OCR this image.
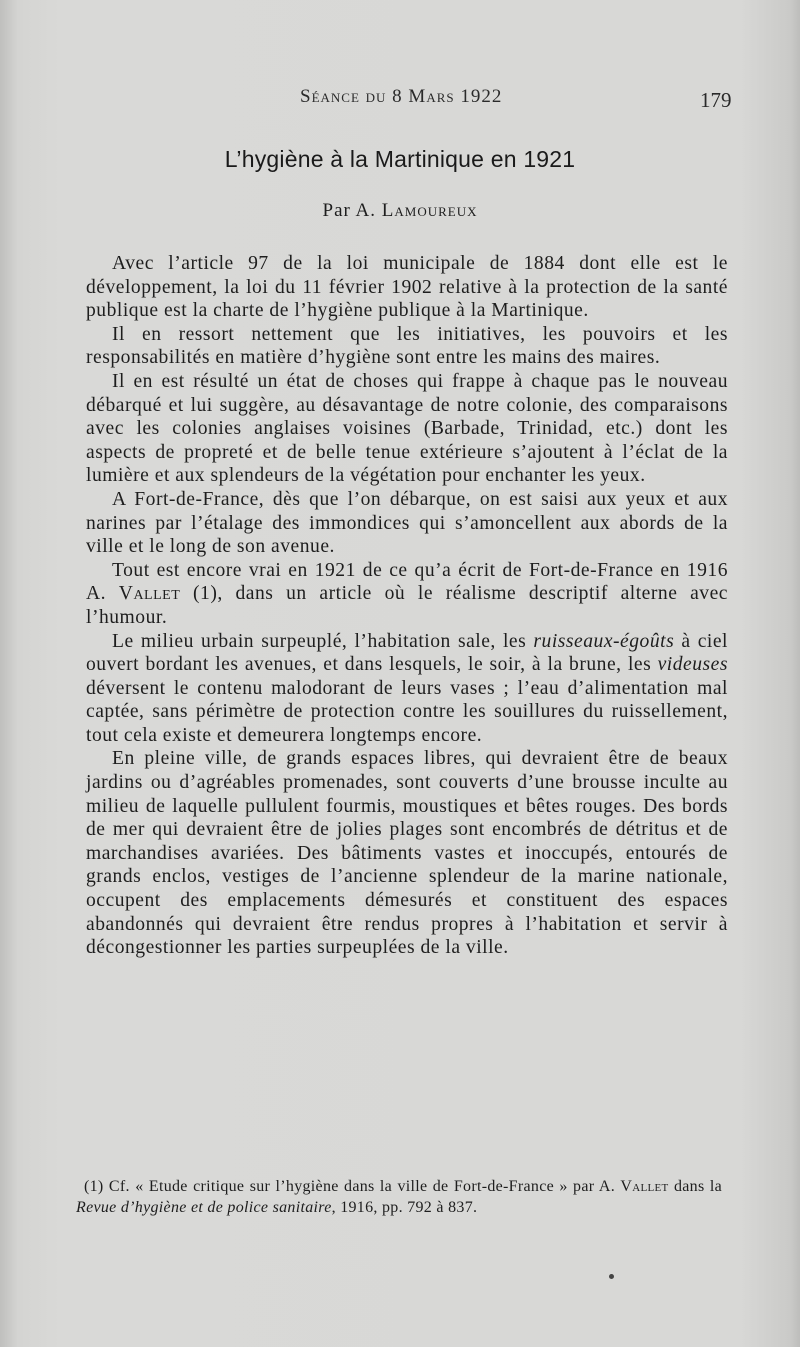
Séance du 8 Mars 1922	179
L’hygiène à la Martinique en 1921
Par A. Lamoureux

Avec l’article 97 de la loi municipale de 1884 dont elle est le développement, la loi du 11 février 1902 relative à la protection de la santé publique est la charte de l’hygiène publique à la Martinique.

Il en ressort nettement que les initiatives, les pouvoirs et les responsabilités en matière d’hygiène sont entre les mains des maires.

Il en est résulté un état de choses qui frappe à chaque pas le nouveau débarqué et lui suggère, au désavantage de notre colonie, des comparaisons avec les colonies anglaises voisines (Barbade, Trinidad, etc.) dont les aspects de propreté et de belle tenue extérieure s’ajoutent à l’éclat de la lumière et aux splendeurs de la végétation pour enchanter les yeux.

A Fort-de-France, dès que l’on débarque, on est saisi aux yeux et aux narines par l’étalage des immondices qui s’amoncellent aux abords de la ville et le long de son avenue.

Tout est encore vrai en 1921 de ce qu’a écrit de Fort-de-France en 1916 A. Vallet (1), dans un article où le réalisme descriptif alterne avec l’humour.

Le milieu urbain surpeuplé, l’habitation sale, les ruisseaux-égoûts à ciel ouvert bordant les avenues, et dans lesquels, le soir, à la brune, les videuses déversent le contenu malodorant de leurs vases ; l’eau d’alimentation mal captée, sans périmètre de protection contre les souillures du ruissellement, tout cela existe et demeurera longtemps encore.

En pleine ville, de grands espaces libres, qui devraient être de beaux jardins ou d’agréables promenades, sont couverts d’une brousse inculte au milieu de laquelle pullulent fourmis, moustiques et bêtes rouges. Des bords de mer qui devraient être de jolies plages sont encombrés de détritus et de marchandises avariées. Des bâtiments vastes et inoccupés, entourés de grands enclos, vestiges de l’ancienne splendeur de la marine nationale, occupent des emplacements démesurés et constituent des espaces abandonnés qui devraient être rendus propres à l’habitation et servir à décongestionner les parties surpeuplées de la ville.

(1) Cf. « Etude critique sur l’hygiène dans la ville de Fort-de-France » par A. Vallet dans la Revue d’hygiène et de police sanitaire, 1916, pp. 792 à 837.
